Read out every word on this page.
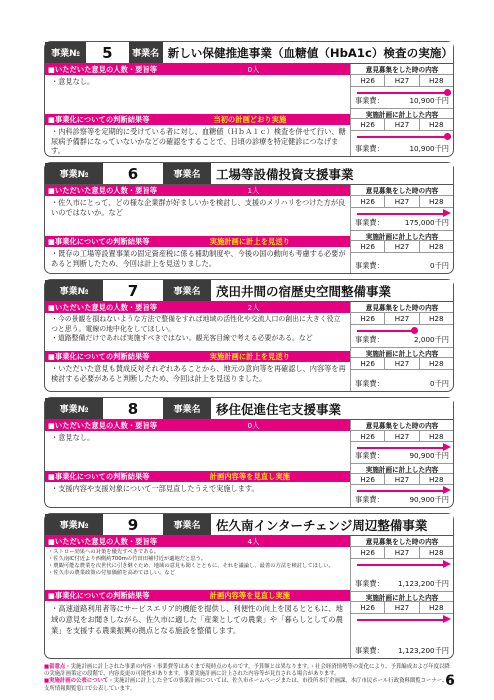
事業№	5	事業名 新しい保健推進事業（血糖値（HbA1c）検査の実施）
■いただいた意見の人数・要旨等	0人
・意見なし。
■事業化についての判断結果等	当初の計画どおり実施
・内科診察等を定期的に受けている者に対し、血糖値（ＨｂＡ１ｃ）検査を併せて行い、糖尿病予備群になっていないかなどの確認をすることで、日頃の診療を特定健診につなげます。
意見募集をした時の内容
H26	H27	H28
事業費：	10,900千円
実施計画に計上した内容
H26	H27	H28
事業費：	10,900千円
事業№	6	事業名	工場等設備投資支援事業
■いただいた意見の人数・要旨等	1人
・佐久市にとって、どの様な企業群が好ましいかを検討し、支援のメリハリをつけた方が良いのではないか。など
■事業化についての判断結果等	実施計画に計上を見送り
・既存の工場等設置事業の固定資産税に係る補助制度や、今後の国の動向も考慮する必要があると判断したため、今回は計上を見送りました。
意見募集をした時の内容
H26	H27	H28
事業費：	175,000千円
実施計画に計上した内容
H26	H27	H28
事業費：	0千円
事業№	7	事業名	茂田井間の宿歴史空間整備事業
■いただいた意見の人数・要旨等	2人
・今の景観を損ねないような方法で整備をすれば地域の活性化や交流人口の創出に大きく役立つと思う。電線の地中化をしてほしい。
・道路整備だけであれば実施すべきではない。観光客目線で考える必要がある。など
■事業化についての判断結果等	実施計画に計上を見送り
・いただいた意見も賛成反対それぞれあることから、地元の意向等を再確認し、内容等を再検討する必要があると判断したため、今回は計上を見送りました。
意見募集をした時の内容
H26	H27	H28
事業費：	2,000千円
実施計画に計上した内容
H26	H27	H28
事業費：	0千円
事業№	8	事業名	移住促進住宅支援事業
■いただいた意見の人数・要旨等	0人
・意見なし。
■事業化についての判断結果等	計画内容等を見直し実施
・支援内容や支援対象について一部見直したうえで実施します。
意見募集をした時の内容
H26	H27	H28
事業費：	90,900千円
実施計画に計上した内容
H26	H27	H28
事業費：	90,900千円
事業№	9	事業名	佐久南インターチェンジ周辺整備事業
■いただいた意見の人数・要旨等	4人
・ストロー効果への対策を優先すべきである。
・佐久南IC付近より西側約700mの竹田田補付近が適地だと思う。
・農観可能な農業を次世代に引き継ぐため、地域の意見も聞くとともに、それを議論し、最善の方法を検討してほしい。
・佐久市の農業政策の付加価値を高めてほしい。など
■事業化についての判断結果等	計画内容等を見直し実施
・高速道路利用者等にサービスエリア的機能を提供し、利便性の向上を図るとともに、地域の意見をお聞きしながら、佐久市に適した「産業としての農業」や「暮らしとしての農業」を支援する農業振興の拠点となる施設を整備します。
意見募集をした時の内容
H26	H27	H28
事業費： 1,123,200千円
実施計画に計上した内容
H26	H27	H28
事業費： 1,123,200千円
■留意点・実施計画に計上された事業の内容・事業費等はあくまで現時点のものです。予算額とは異なります。・社会経済情勢等の変化により、予算編成および年度以降の実施計画策定の段階で、内容変更の可能性があります。事業実施計画に計上された内容等が見直される場合があります。
■実施計画の公表について・実施計画に計上した全ての事業計画については、佐久市ホームページまたは、市役所本庁企画課、本庁市民ホール行政資料閲覧コーナー、各支所情報閲覧窓口で公表しています。	6
